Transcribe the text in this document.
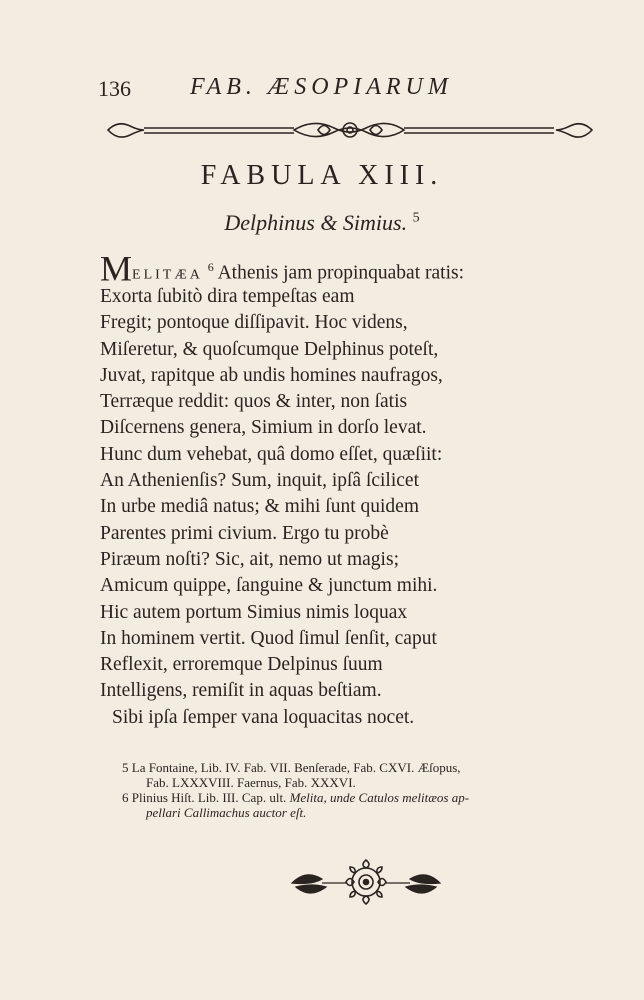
136 FAB. ÆSOPIARUM
FABULA XIII.
Delphinus & Simius. $^5$
Melitæa $^6$ Athenis jam propinquabat ratis:
Exorta ſubitò dira tempeſtas eam
Fregit; pontoque diſſipavit. Hoc videns,
Miſeretur, & quoſcumque Delphinus poteſt,
Juvat, rapitque ab undis homines naufragos,
Terræque reddit: quos & inter, non ſatis
Diſcernens genera, Simium in dorſo levat.
Hunc dum vehebat, quâ domo eſſet, quæſiit:
An Athenienſis? Sum, inquit, ipſâ ſcilicet
In urbe mediâ natus; & mihi ſunt quidem
Parentes primi civium. Ergo tu probè
Piræum noſti? Sic, ait, nemo ut magis;
Amicum quippe, ſanguine & junctum mihi.
Hic autem portum Simius nimis loquax
In hominem vertit. Quod ſimul ſenſit, caput
Reflexit, erroremque Delpinus ſuum
Intelligens, remiſit in aquas beſtiam.
Sibi ipſa ſemper vana loquacitas nocet.
5 La Fontaine, Lib. IV. Fab. VII. Benſerade, Fab. CXVI. Æſopus,
Fab. LXXXVIII. Faernus, Fab. XXXVI.
6 Plinius Hiſt. Lib. III. Cap. ult. Melita, unde Catulos melitæos ap-
pellari Callimachus auctor eſt.
